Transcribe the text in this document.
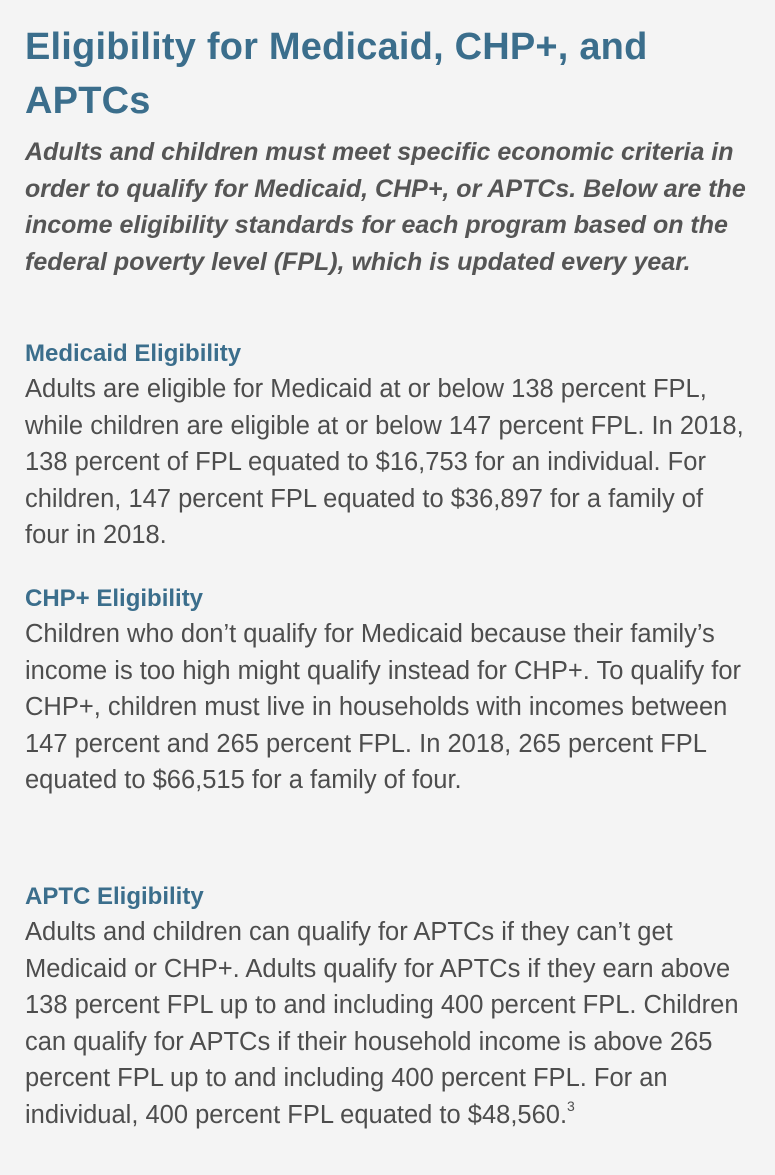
Eligibility for Medicaid, CHP+, and APTCs

Adults and children must meet specific economic criteria in order to qualify for Medicaid, CHP+, or APTCs. Below are the income eligibility standards for each program based on the federal poverty level (FPL), which is updated every year.

Medicaid Eligibility

Adults are eligible for Medicaid at or below 138 percent FPL, while children are eligible at or below 147 percent FPL. In 2018, 138 percent of FPL equated to $16,753 for an individual. For children, 147 percent FPL equated to $36,897 for a family of four in 2018.

CHP+ Eligibility

Children who don’t qualify for Medicaid because their family’s income is too high might qualify instead for CHP+. To qualify for CHP+, children must live in households with incomes between 147 percent and 265 percent FPL. In 2018, 265 percent FPL equated to $66,515 for a family of four.

APTC Eligibility

Adults and children can qualify for APTCs if they can’t get Medicaid or CHP+. Adults qualify for APTCs if they earn above 138 percent FPL up to and including 400 percent FPL. Children can qualify for APTCs if their household income is above 265 percent FPL up to and including 400 percent FPL. For an individual, 400 percent FPL equated to $48,560.$^3$
